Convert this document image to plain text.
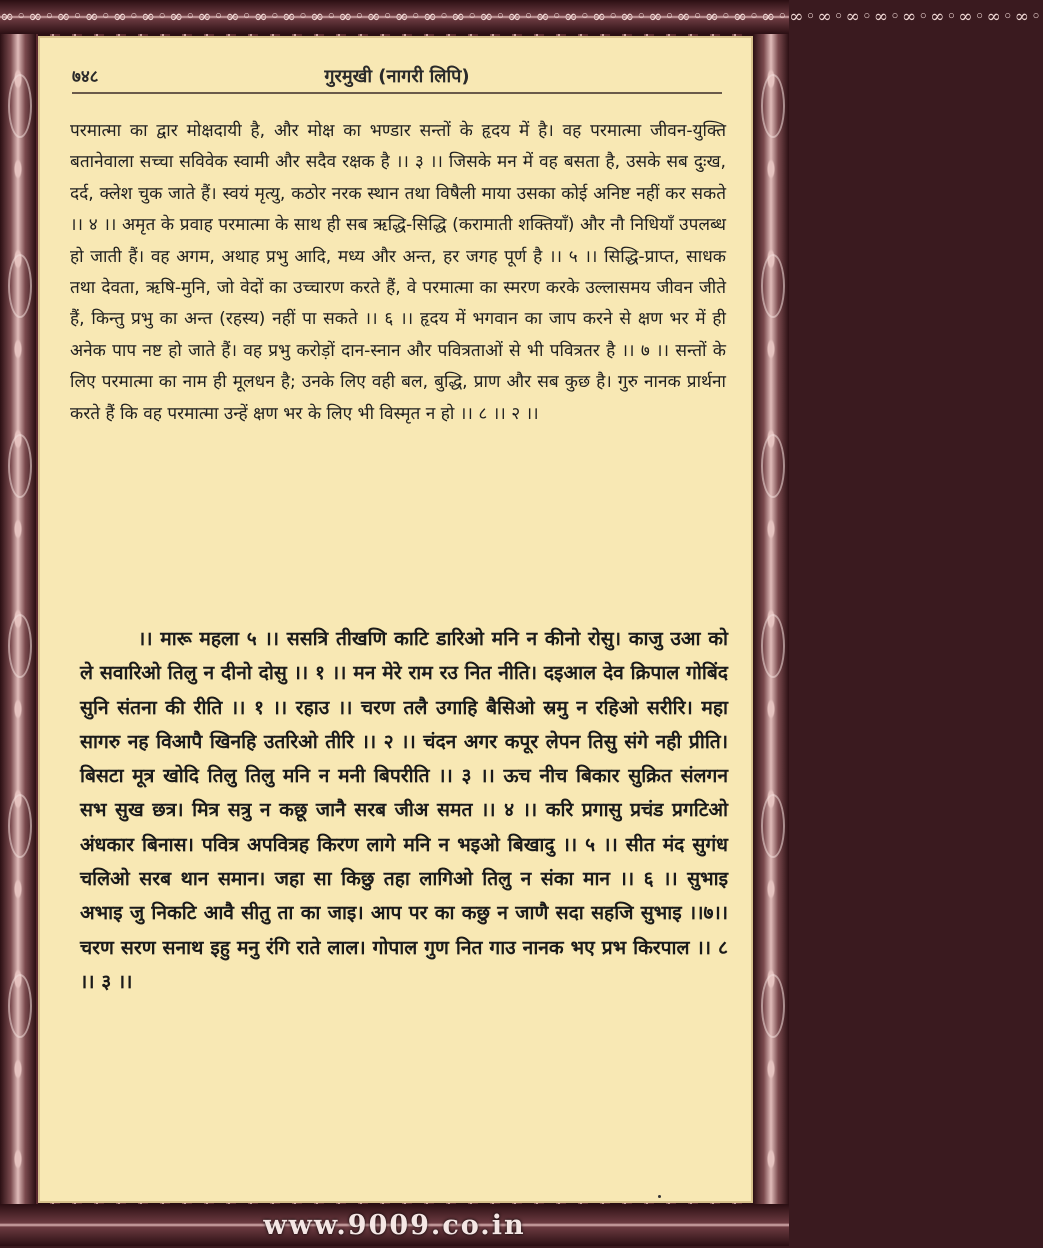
∞◦∞◦∞◦∞◦∞◦∞◦∞◦∞◦∞◦∞◦∞◦∞◦∞◦∞◦∞◦∞◦∞◦∞◦∞◦∞◦∞◦∞◦∞◦∞◦∞◦∞◦∞◦∞◦∞◦∞◦∞◦∞◦∞◦∞◦∞◦∞◦∞◦
www.9009.co.in
७४८	गुरमुखी (नागरी लिपि)

परमात्मा का द्वार मोक्षदायी है, और मोक्ष का भण्डार सन्तों के हृदय में है। वह परमात्मा जीवन-युक्ति बतानेवाला सच्चा सविवेक स्वामी और सदैव रक्षक है ।। ३ ।। जिसके मन में वह बसता है, उसके सब दुःख, दर्द, क्लेश चुक जाते हैं। स्वयं मृत्यु, कठोर नरक स्थान तथा विषैली माया उसका कोई अनिष्ट नहीं कर सकते ।। ४ ।। अमृत के प्रवाह परमात्मा के साथ ही सब ऋद्धि-सिद्धि (करामाती शक्तियाँ) और नौ निधियाँ उपलब्ध हो जाती हैं। वह अगम, अथाह प्रभु आदि, मध्य और अन्त, हर जगह पूर्ण है ।। ५ ।। सिद्धि-प्राप्त, साधक तथा देवता, ऋषि-मुनि, जो वेदों का उच्चारण करते हैं, वे परमात्मा का स्मरण करके उल्लासमय जीवन जीते हैं, किन्तु प्रभु का अन्त (रहस्य) नहीं पा सकते ।। ६ ।। हृदय में भगवान का जाप करने से क्षण भर में ही अनेक पाप नष्ट हो जाते हैं। वह प्रभु करोड़ों दान-स्नान और पवित्रताओं से भी पवित्रतर है ।। ७ ।। सन्तों के लिए परमात्मा का नाम ही मूलधन है; उनके लिए वही बल, बुद्धि, प्राण और सब कुछ है। गुरु नानक प्रार्थना करते हैं कि वह परमात्मा उन्हें क्षण भर के लिए भी विस्मृत न हो ।। ८ ।। २ ।।

।। मारू महला ५ ।। ससत्रि तीखणि काटि डारिओ मनि न कीनो रोसु। काजु उआ को ले सवारिओ तिलु न दीनो दोसु ।। १ ।। मन मेरे राम रउ नित नीति। दइआल देव क्रिपाल गोबिंद सुनि संतना की रीति ।। १ ।। रहाउ ।। चरण तलै उगाहि बैसिओ स्रमु न रहिओ सरीरि। महा सागरु नह विआपै खिनहि उतरिओ तीरि ।। २ ।। चंदन अगर कपूर लेपन तिसु संगे नही प्रीति। बिसटा मूत्र खोदि तिलु तिलु मनि न मनी बिपरीति ।। ३ ।। ऊच नीच बिकार सुक्रित संलगन सभ सुख छत्र। मित्र सत्रु न कछू जानै सरब जीअ समत ।। ४ ।। करि प्रगासु प्रचंड प्रगटिओ अंधकार बिनास। पवित्र अपवित्रह किरण लागे मनि न भइओ बिखादु ।। ५ ।। सीत मंद सुगंध चलिओ सरब थान समान। जहा सा किछु तहा लागिओ तिलु न संका मान ।। ६ ।। सुभाइ अभाइ जु निकटि आवै सीतु ता का जाइ। आप पर का कछु न जाणै सदा सहजि सुभाइ ।।७।। चरण सरण सनाथ इहु मनु रंगि राते लाल। गोपाल गुण नित गाउ नानक भए प्रभ किरपाल ।। ८ ।। ३ ।।
